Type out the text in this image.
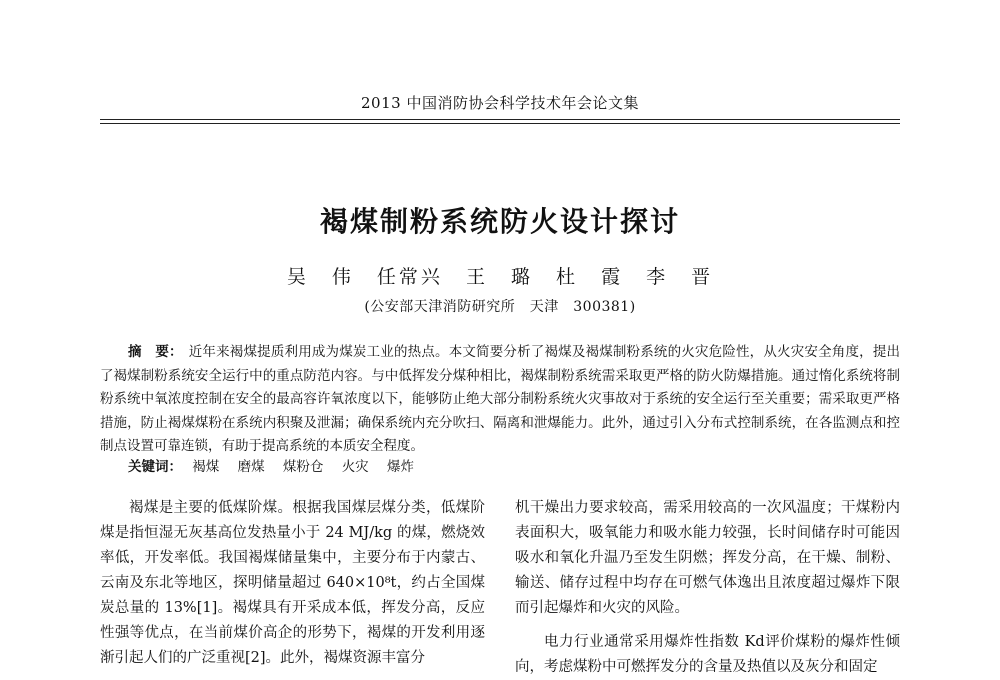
2013 中国消防协会科学技术年会论文集
褐煤制粉系统防火设计探讨
吴 伟 任常兴 王 璐 杜 霞 李 晋
(公安部天津消防研究所　天津　300381)
摘　要： 近年来褐煤提质利用成为煤炭工业的热点。本文简要分析了褐煤及褐煤制粉系统的火灾危险性，从火灾安全角度，提出了褐煤制粉系统安全运行中的重点防范内容。与中低挥发分煤种相比，褐煤制粉系统需采取更严格的防火防爆措施。通过惰化系统将制粉系统中氧浓度控制在安全的最高容许氧浓度以下，能够防止绝大部分制粉系统火灾事故对于系统的安全运行至关重要；需采取更严格措施，防止褐煤煤粉在系统内积聚及泄漏；确保系统内充分吹扫、隔离和泄爆能力。此外，通过引入分布式控制系统，在各监测点和控制点设置可靠连锁，有助于提高系统的本质安全程度。
关键词： 褐煤 磨煤 煤粉仓 火灾 爆炸

褐煤是主要的低煤阶煤。根据我国煤层煤分类，低煤阶煤是指恒湿无灰基高位发热量小于 24 MJ/kg 的煤，燃烧效率低，开发率低。我国褐煤储量集中，主要分布于内蒙古、云南及东北等地区，探明储量超过 640×10⁸t，约占全国煤炭总量的 13%[1]。褐煤具有开采成本低，挥发分高，反应性强等优点，在当前煤价高企的形势下，褐煤的开发利用逐渐引起人们的广泛重视[2]。此外，褐煤资源丰富分

机干燥出力要求较高，需采用较高的一次风温度；干煤粉内表面积大，吸氧能力和吸水能力较强，长时间储存时可能因吸水和氧化升温乃至发生阴燃；挥发分高，在干燥、制粉、输送、储存过程中均存在可燃气体逸出且浓度超过爆炸下限而引起爆炸和火灾的风险。

电力行业通常采用爆炸性指数 Kd评价煤粉的爆炸性倾向，考虑煤粉中可燃挥发分的含量及热值以及灰分和固定
